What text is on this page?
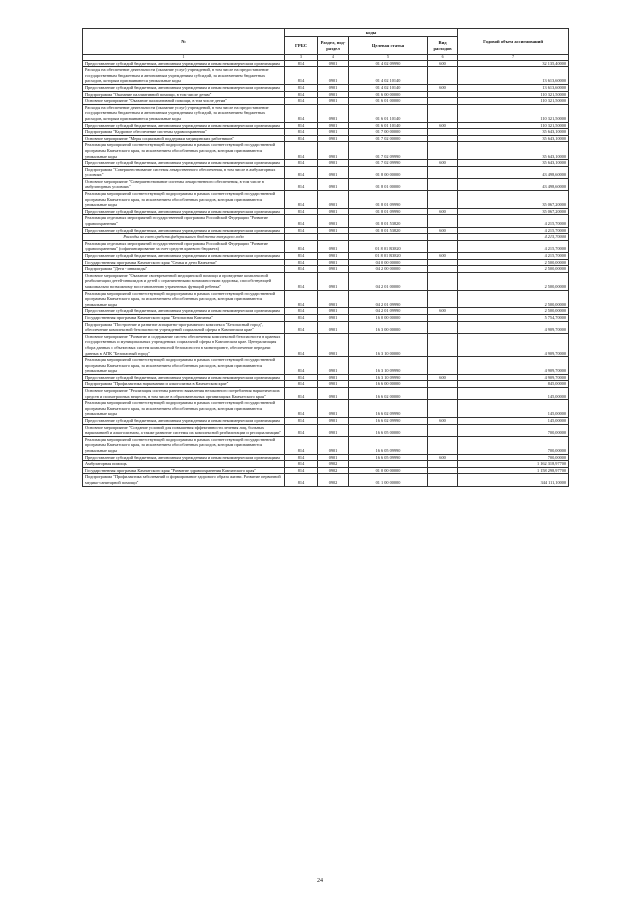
№	коды				Годовой объем ассигнований
	ГРБС	Раздел, под-раздел	Целевая статья	Вид расходов	
1	3	4	5	6	7
Предоставление субсидий бюджетным, автономным учреждениям и иным некоммерческим организациям	814	0901	01 4 02 09990	600	32 135,40000
Расходы на обеспечение деятельности (оказание услуг) учреждений, в том числе на предоставление государственным бюджетным и автономным учреждениям субсидий, за исключением бюджетных расходов, которым присваиваются уникальные коды	814	0901	01 4 02 10140		13 613,60000
Предоставление субсидий бюджетным, автономным учреждениям и иным некоммерческим организациям	814	0901	01 4 02 10140	600	13 613,60000
Подпрограмма "Оказание паллиативной помощи, в том числе детям"	814	0901	01 6 00 00000		110 321,50000
Основное мероприятие "Оказание паллиативной помощи, в том числе детям"	814	0901	01 6 01 00000		110 321,50000
Расходы на обеспечение деятельности (оказание услуг) учреждений, в том числе на предоставление государственным бюджетным и автономным учреждениям субсидий, за исключением бюджетных расходов, которым присваиваются уникальные коды	814	0901	01 6 01 10140		110 321,50000
Предоставление субсидий бюджетным, автономным учреждениям и иным некоммерческим организациям	814	0901	01 6 01 10140	600	110 321,50000
Подпрограмма "Кадровое обеспечение системы здравоохранения"	814	0901	01 7 00 00000		35 643,10000
Основное мероприятие "Меры социальной поддержки медицинских работников"	814	0901	01 7 02 00000		35 643,10000
Реализация мероприятий соответствующей подпрограммы в рамках соответствующей государственной программы Камчатского края, за исключением обособленных расходов, которым присваиваются уникальные коды	814	0901	01 7 02 09990		35 643,10000
Предоставление субсидий бюджетным, автономным учреждениям и иным некоммерческим организациям	814	0901	01 7 02 09990	600	35 643,10000
Подпрограмма "Совершенствование системы лекарственного обеспечения, в том числе в амбулаторных условиях"	814	0901	01 8 00 00000		43 498,60000
Основное мероприятие "Совершенствование системы лекарственного обеспечения, в том числе в амбулаторных условиях"	814	0901	01 8 01 00000		43 498,60000
Реализация мероприятий соответствующей подпрограммы в рамках соответствующей государственной программы Камчатского края, за исключением обособленных расходов, которым присваиваются уникальные коды	814	0901	01 8 01 09990		35 067,20000
Предоставление субсидий бюджетным, автономным учреждениям и иным некоммерческим организациям	814	0901	01 8 01 09990	600	35 067,20000
Реализация отдельных мероприятий государственной программы Российской Федерации "Развитие здравоохранения"	814	0901	01 8 01 53820		4 215,70000
Предоставление субсидий бюджетным, автономным учреждениям и иным некоммерческим организациям	814	0901	01 8 01 53820	600	4 215,70000
Расходы за счет средств федерального бюджета текущего года					4 215,70000
Реализация отдельных мероприятий государственной программы Российской Федерации "Развитие здравоохранения" (софинансирование за счет средств краевого бюджета)	814	0901	01 8 01 R3820		4 215,70000
Предоставление субсидий бюджетным, автономным учреждениям и иным некоммерческим организациям	814	0901	01 8 01 R3820	600	4 215,70000
Государственная программа Камчатского края "Семья и дети Камчатки"	814	0901	04 0 00 00000		2 500,00000
Подпрограмма "Дети - инвалиды"	814	0901	04 2 00 00000		2 500,00000
Основное мероприятие "Оказание своевременной медицинской помощи и проведение комплексной реабилитации детей-инвалидов и детей с ограниченными возможностями здоровья, способствующей максимально возможному восстановлению утраченных функций ребенка"	814	0901	04 2 01 00000		2 500,00000
Реализация мероприятий соответствующей подпрограммы в рамках соответствующей государственной программы Камчатского края, за исключением обособленных расходов, которым присваиваются уникальные коды	814	0901	04 2 01 09990		2 500,00000
Предоставление субсидий бюджетным, автономным учреждениям и иным некоммерческим организациям	814	0901	04 2 01 09990	600	2 500,00000
Государственная программа Камчатского края "Безопасная Камчатка"	814	0901	16 0 00 00000		5 754,70000
Подпрограмма "Построение и развитие аппаратно-программного комплекса "Безопасный город", обеспечение комплексной безопасности учреждений социальной сферы в Камчатском крае"	814	0901	16 3 00 00000		4 909,70000
Основное мероприятие "Развитие и содержание систем обеспечения комплексной безопасности в краевых государственных и муниципальных учреждениях социальной сферы в Камчатском крае. Централизация сбора данных с объектовых систем комплексной безопасности в мониторинге, обеспечение передачи данных в АПК "Безопасный город"	814	0901	16 3 10 00000		4 909,70000
Реализация мероприятий соответствующей подпрограммы в рамках соответствующей государственной программы Камчатского края, за исключением обособленных расходов, которым присваиваются уникальные коды	814	0901	16 3 10 09990		4 909,70000
Предоставление субсидий бюджетным, автономным учреждениям и иным некоммерческим организациям	814	0901	16 3 10 09990	600	4 909,70000
Подпрограмма "Профилактика наркомании и алкоголизма в Камчатском крае"	814	0901	16 6 00 00000		845,00000
Основное мероприятие "Реализация системы раннего выявления незаконного потребления наркотических средств и психотропных веществ, в том числе в образовательных организациях Камчатского края"	814	0901	16 6 02 00000		145,00000
Реализация мероприятий соответствующей подпрограммы в рамках соответствующей государственной программы Камчатского края, за исключением обособленных расходов, которым присваиваются уникальные коды	814	0901	16 6 02 09990		145,00000
Предоставление субсидий бюджетным, автономным учреждениям и иным некоммерческим организациям	814	0901	16 6 02 09990	600	145,00000
Основное мероприятие "Создание условий для повышения эффективности лечения лиц, больных наркоманией и алкоголизмом, а также развитие системы их комплексной реабилитации и ресоциализации"	814	0901	16 6 05 00000		700,00000
Реализация мероприятий соответствующей подпрограммы в рамках соответствующей государственной программы Камчатского края, за исключением обособленных расходов, которым присваиваются уникальные коды	814	0901	16 6 05 09990		700,00000
Предоставление субсидий бюджетным, автономным учреждениям и иным некоммерческим организациям	814	0901	16 6 05 09990	600	700,00000
Амбулаторная помощь	814	0902			1 162 318,97700
Государственная программа Камчатского края "Развитие здравоохранения Камчатского края"	814	0902	01 0 00 00000		1 158 298,97700
Подпрограмма "Профилактика заболеваний и формирование здорового образа жизни. Развитие первичной медико-санитарной помощи"	814	0902	01 1 00 00000		344 111,10000
24
